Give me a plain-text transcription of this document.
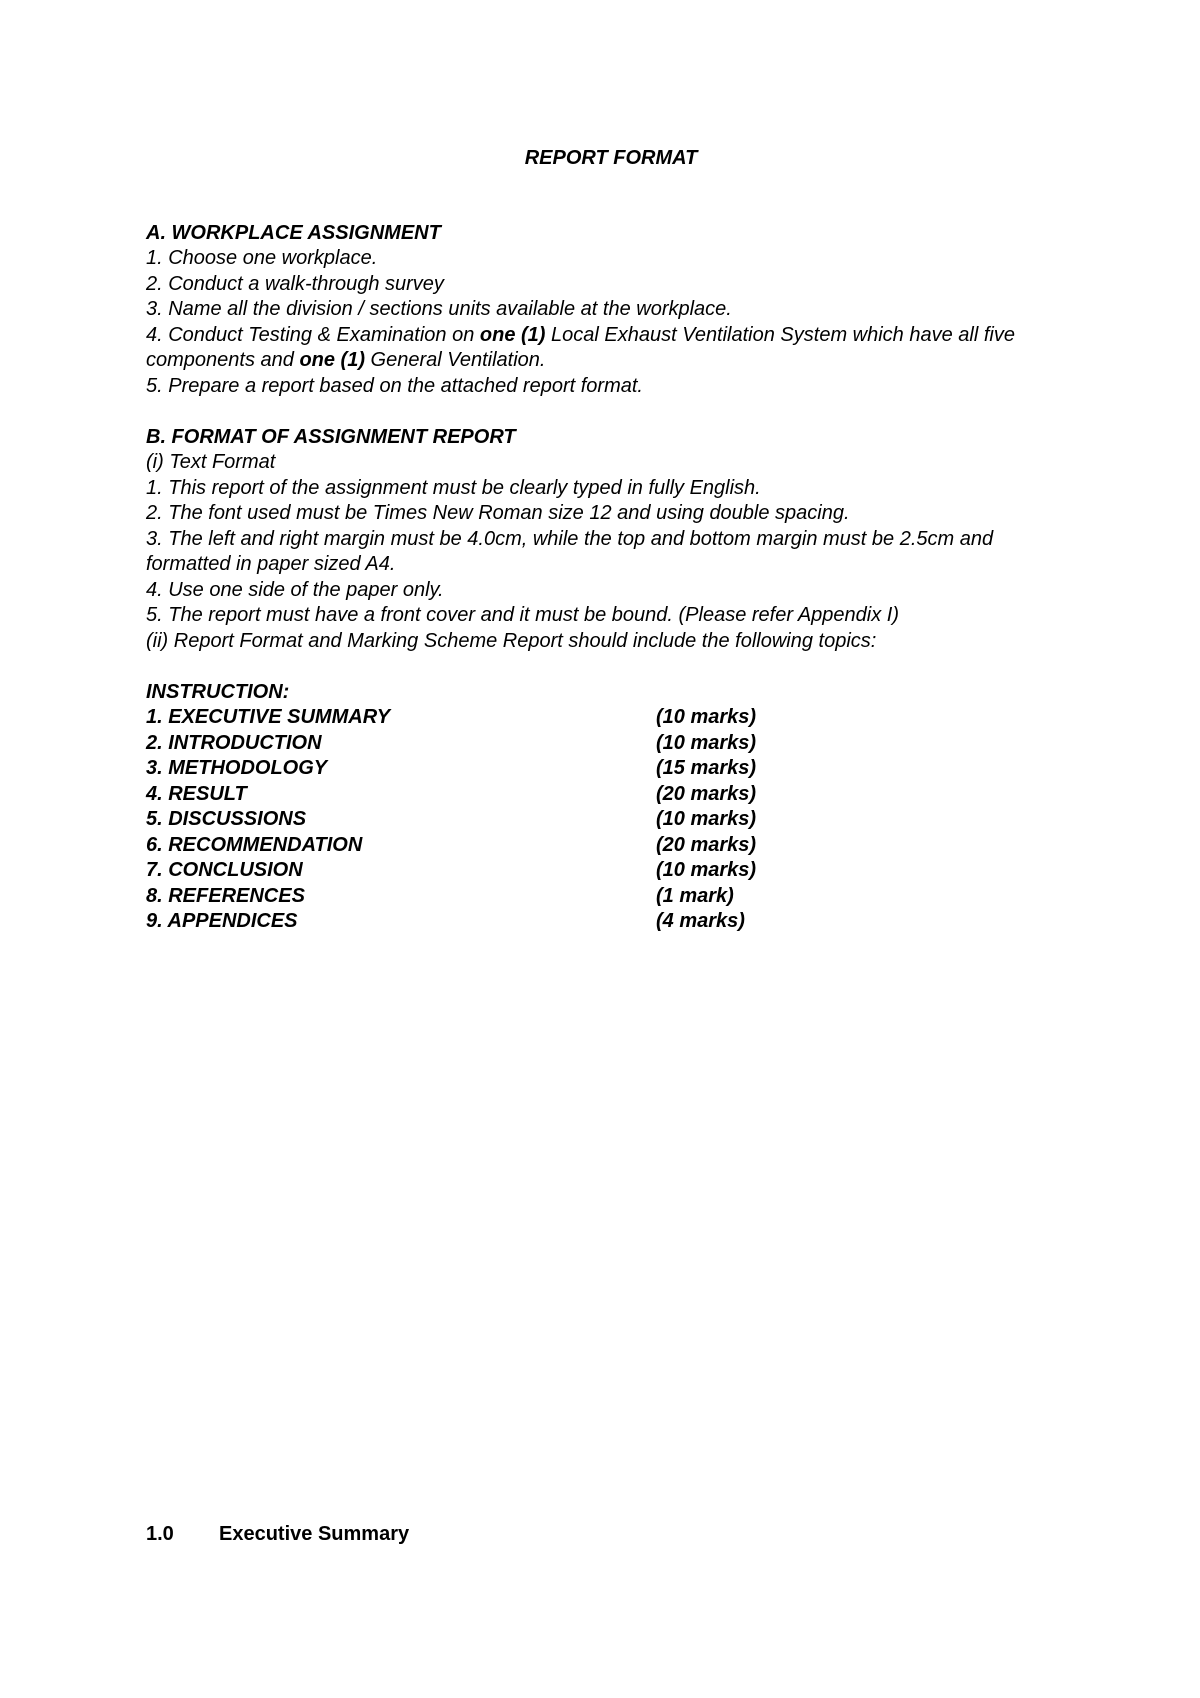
REPORT FORMAT
A. WORKPLACE ASSIGNMENT
1. Choose one workplace.
2. Conduct a walk-through survey
3. Name all the division / sections units available at the workplace.
4. Conduct Testing & Examination on one (1) Local Exhaust Ventilation System which have all five components and one (1) General Ventilation.
5. Prepare a report based on the attached report format.
B. FORMAT OF ASSIGNMENT REPORT
(i) Text Format
1. This report of the assignment must be clearly typed in fully English.
2. The font used must be Times New Roman size 12 and using double spacing.
3. The left and right margin must be 4.0cm, while the top and bottom margin must be 2.5cm and formatted in paper sized A4.
4. Use one side of the paper only.
5. The report must have a front cover and it must be bound. (Please refer Appendix I)
(ii) Report Format and Marking Scheme Report should include the following topics:
INSTRUCTION:
1. EXECUTIVE SUMMARY	(10 marks)
2. INTRODUCTION	(10 marks)
3. METHODOLOGY	(15 marks)
4. RESULT	(20 marks)
5. DISCUSSIONS	(10 marks)
6. RECOMMENDATION	(20 marks)
7. CONCLUSION	(10 marks)
8. REFERENCES	(1 mark)
9. APPENDICES	(4 marks)
1.0	Executive Summary
